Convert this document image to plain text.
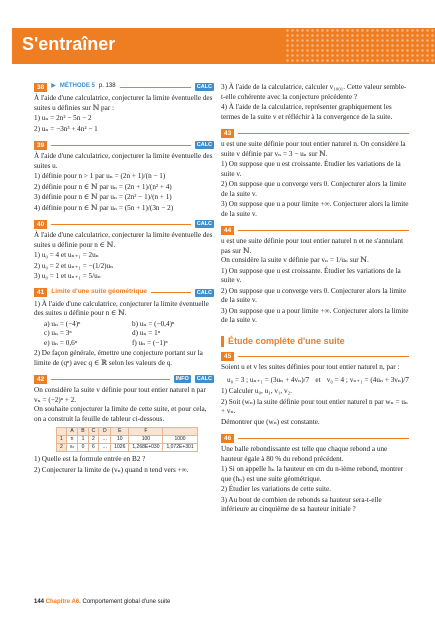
S'entraîner
38	▶ MÉTHODE 5 p. 138	CALC
À l'aide d'une calculatrice, conjecturer la limite éventuelle des suites u définies sur ℕ par :
1) uₙ = 2n² − 5n − 2
2) uₙ = −3n³ + 4n² − 1
39	CALC
À l'aide d'une calculatrice, conjecturer la limite éventuelle des suites u.
1) définie pour n > 1 par uₙ = (2n + 1)/(n − 1)
2) définie pour n ∈ ℕ par uₙ = (2n + 1)/(n² + 4)
3) définie pour n ∈ ℕ par uₙ = (2n² − 1)/(n + 1)
4) définie pour n ∈ ℕ par uₙ = (5n + 1)/(3n − 2)
40	CALC
À l'aide d'une calculatrice, conjecturer la limite éventuelle des suites u définie pour n ∈ ℕ.
1) u₀ = 4 et uₙ₊₁ = 2uₙ
2) u₀ = 2 et uₙ₊₁ = −(1/2)uₙ
3) u₀ = 1 et uₙ₊₁ = 5/uₙ
41	Limite d'une suite géométrique	CALC
1) À l'aide d'une calculatrice, conjecturer la limite éventuelle des suites u définie pour n ∈ ℕ.
a) uₙ = (−4)ⁿ	b) uₙ = (−0,4)ⁿ
c) uₙ = 3ⁿ	d) uₙ = 1ⁿ
e) uₙ = 0,6ⁿ	f) uₙ = (−1)ⁿ
2) De façon générale, émettre une conjecture portant sur la limite de (qⁿ) avec q ∈ ℝ selon les valeurs de q.
42	INFO	CALC
On considère la suite v définie pour tout entier naturel n par vₙ = (−2)ⁿ + 2.
On souhaite conjecturer la limite de cette suite, et pour cela, on a construit la feuille de tableur ci-dessous.
	A	B	C	D	E	F	
1	n	1	2	…	10	100	1000
2	vₙ	0	6	…	1026	1,268E+030	1,072E+301
1) Quelle est la formule entrée en B2 ?
2) Conjecturer la limite de (vₙ) quand n tend vers +∞.
3) À l'aide de la calculatrice, calculer v₁₀₀₁. Cette valeur semble-t-elle cohérente avec la conjecture précédente ?
4) À l'aide de la calculatrice, représenter graphiquement les termes de la suite v et réfléchir à la convergence de la suite.
43
u est une suite définie pour tout entier naturel n. On considère la suite v définie par vₙ = 3 − uₙ sur ℕ.
1) On suppose que u est croissante. Étudier les variations de la suite v.
2) On suppose que u converge vers 0. Conjecturer alors la limite de la suite v.
3) On suppose que u a pour limite +∞. Conjecturer alors la limite de la suite v.
44
u est une suite définie pour tout entier naturel n et ne s'annulant pas sur ℕ.
On considère la suite v définie par vₙ = 1/uₙ sur ℕ.
1) On suppose que u est croissante. Étudier les variations de la suite v.
2) On suppose que u converge vers 0. Conjecturer alors la limite de la suite v.
3) On suppose que u a pour limite +∞. Conjecturer alors la limite de la suite v.
Étude complète d'une suite
45
Soient u et v les suites définies pour tout entier naturel n, par :
u₀ = 3 ; uₙ₊₁ = (3uₙ + 4vₙ)/7 et v₀ = 4 ; vₙ₊₁ = (4uₙ + 3vₙ)/7
1) Calculer u₀, u₁, v₁, v₂.
2) Soit (wₙ) la suite définie pour tout entier naturel n par wₙ = uₙ + vₙ.
Démontrer que (wₙ) est constante.
46
Une balle rebondissante est telle que chaque rebond a une hauteur égale à 80 % du rebond précédent.
1) Si on appelle hₙ la hauteur en cm du n-ième rebond, montrer que (hₙ) est une suite géométrique.
2) Étudier les variations de cette suite.
3) Au bout de combien de rebonds sa hauteur sera-t-elle inférieure au cinquième de sa hauteur initiale ?
144 Chapitre A6. Comportement global d'une suite
